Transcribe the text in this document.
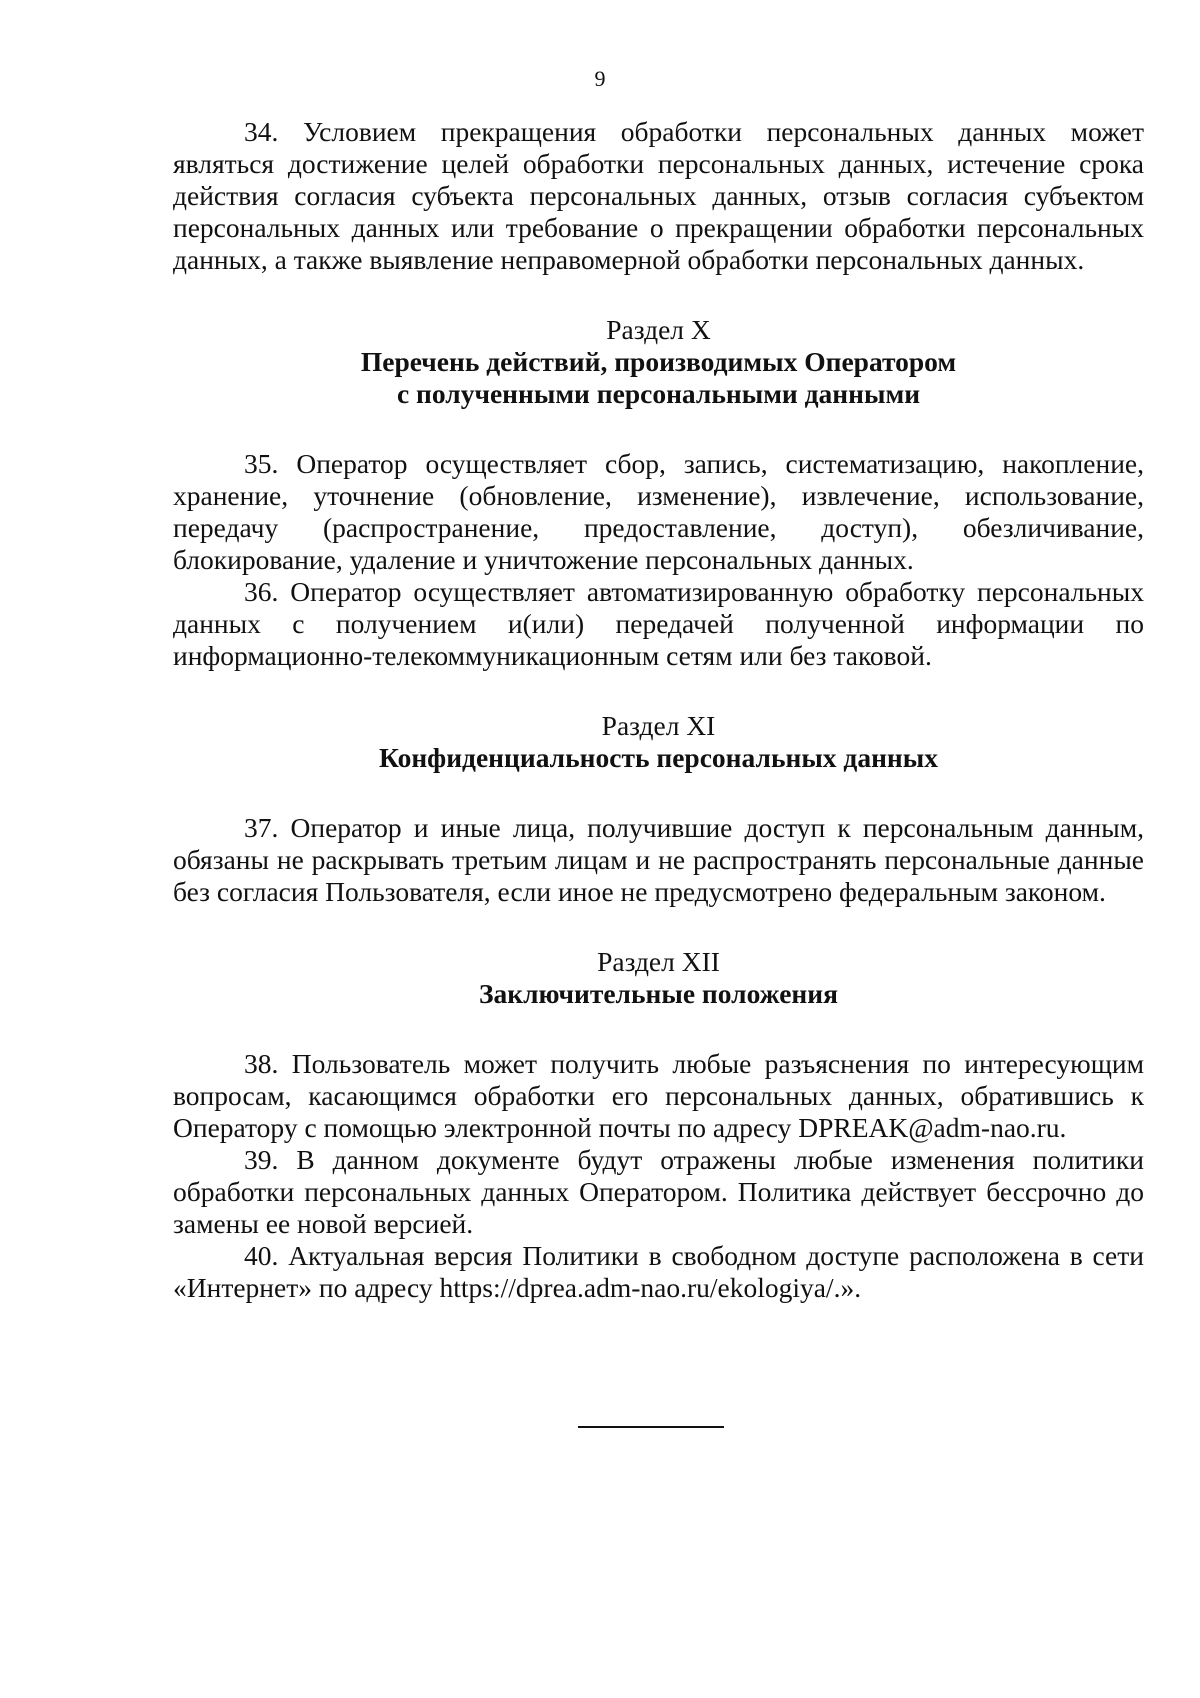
9

34. Условием прекращения обработки персональных данных может являться достижение целей обработки персональных данных, истечение срока действия согласия субъекта персональных данных, отзыв согласия субъектом персональных данных или требование о прекращении обработки персональных данных, а также выявление неправомерной обработки персональных данных.

Раздел X
Перечень действий, производимых Оператором
с полученными персональными данными

35. Оператор осуществляет сбор, запись, систематизацию, накопление, хранение, уточнение (обновление, изменение), извлечение, использование, передачу (распространение, предоставление, доступ), обезличивание, блокирование, удаление и уничтожение персональных данных.

36. Оператор осуществляет автоматизированную обработку персональных данных с получением и(или) передачей полученной информации по информационно-телекоммуникационным сетям или без таковой.

Раздел XI
Конфиденциальность персональных данных

37. Оператор и иные лица, получившие доступ к персональным данным, обязаны не раскрывать третьим лицам и не распространять персональные данные без согласия Пользователя, если иное не предусмотрено федеральным законом.

Раздел XII
Заключительные положения

38. Пользователь может получить любые разъяснения по интересующим вопросам, касающимся обработки его персональных данных, обратившись к Оператору с помощью электронной почты по адресу DPREAK@adm-nao.ru.

39. В данном документе будут отражены любые изменения политики обработки персональных данных Оператором. Политика действует бессрочно до замены ее новой версией.

40. Актуальная версия Политики в свободном доступе расположена в сети «Интернет» по адресу https://dprea.adm-nao.ru/ekologiya/.».
